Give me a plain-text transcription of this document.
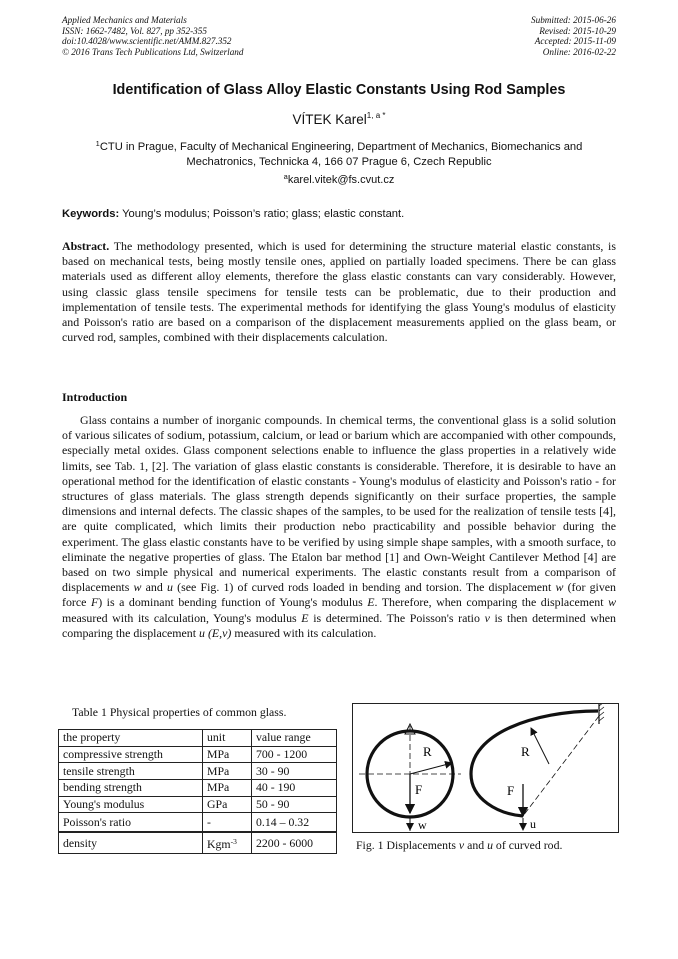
Applied Mechanics and Materials
ISSN: 1662-7482, Vol. 827, pp 352-355
doi:10.4028/www.scientific.net/AMM.827.352
© 2016 Trans Tech Publications Ltd, Switzerland
Submitted: 2015-06-26
Revised: 2015-10-29
Accepted: 2015-11-09
Online: 2016-02-22
Identification of Glass Alloy Elastic Constants Using Rod Samples
VÍTEK Karel$^{1, a *}$
$^1$CTU in Prague, Faculty of Mechanical Engineering, Department of Mechanics, Biomechanics and Mechatronics, Technicka 4, 166 07 Prague 6, Czech Republic
$^a$karel.vitek@fs.cvut.cz
Keywords: Young’s modulus; Poisson’s ratio; glass; elastic constant.
Abstract. The methodology presented, which is used for determining the structure material elastic constants, is based on mechanical tests, being mostly tensile ones, applied on partially loaded specimens. There be can glass materials used as different alloy elements, therefore the glass elastic constants can vary considerably. However, using classic glass tensile specimens for tensile tests can be problematic, due to their production and implementation of tensile tests. The experimental methods for identifying the glass Young's modulus of elasticity and Poisson's ratio are based on a comparison of the displacement measurements applied on the glass beam, or curved rod, samples, combined with their displacements calculation.
Introduction
Glass contains a number of inorganic compounds. In chemical terms, the conventional glass is a solid solution of various silicates of sodium, potassium, calcium, or lead or barium which are accompanied with other compounds, especially metal oxides. Glass component selections enable to influence the glass properties in a relatively wide limits, see Tab. 1, [2]. The variation of glass elastic constants is considerable. Therefore, it is desirable to have an operational method for the identification of elastic constants - Young's modulus of elasticity and Poisson's ratio - for structures of glass materials. The glass strength depends significantly on their surface properties, the sample dimensions and internal defects. The classic shapes of the samples, to be used for the realization of tensile tests [4], are quite complicated, which limits their production nebo practicability and possible behavior during the experiment. The glass elastic constants have to be verified by using simple shape samples, with a smooth surface, to eliminate the negative properties of glass. The Etalon bar method [1] and Own-Weight Cantilever Method [4] are based on two simple physical and numerical experiments. The elastic constants result from a comparison of displacements w and u (see Fig. 1) of curved rods loaded in bending and torsion. The displacement w (for given force F) is a dominant bending function of Young's modulus E. Therefore, when comparing the displacement w measured with its calculation, Young's modulus E is determined. The Poisson's ratio v is then determined when comparing the displacement u (E,v) measured with its calculation.
Table 1 Physical properties of common glass.
the property	unit	value range
compressive strength	MPa	700 - 1200
tensile strength	MPa	30 - 90
bending strength	MPa	40 - 190
Young's modulus	GPa	50 - 90
Poisson's ratio	-	0.14 – 0.32
density	Kgm$^{-3}$	2200 - 6000
R
F
w
R
F
u
Fig. 1 Displacements v and u of curved rod.
